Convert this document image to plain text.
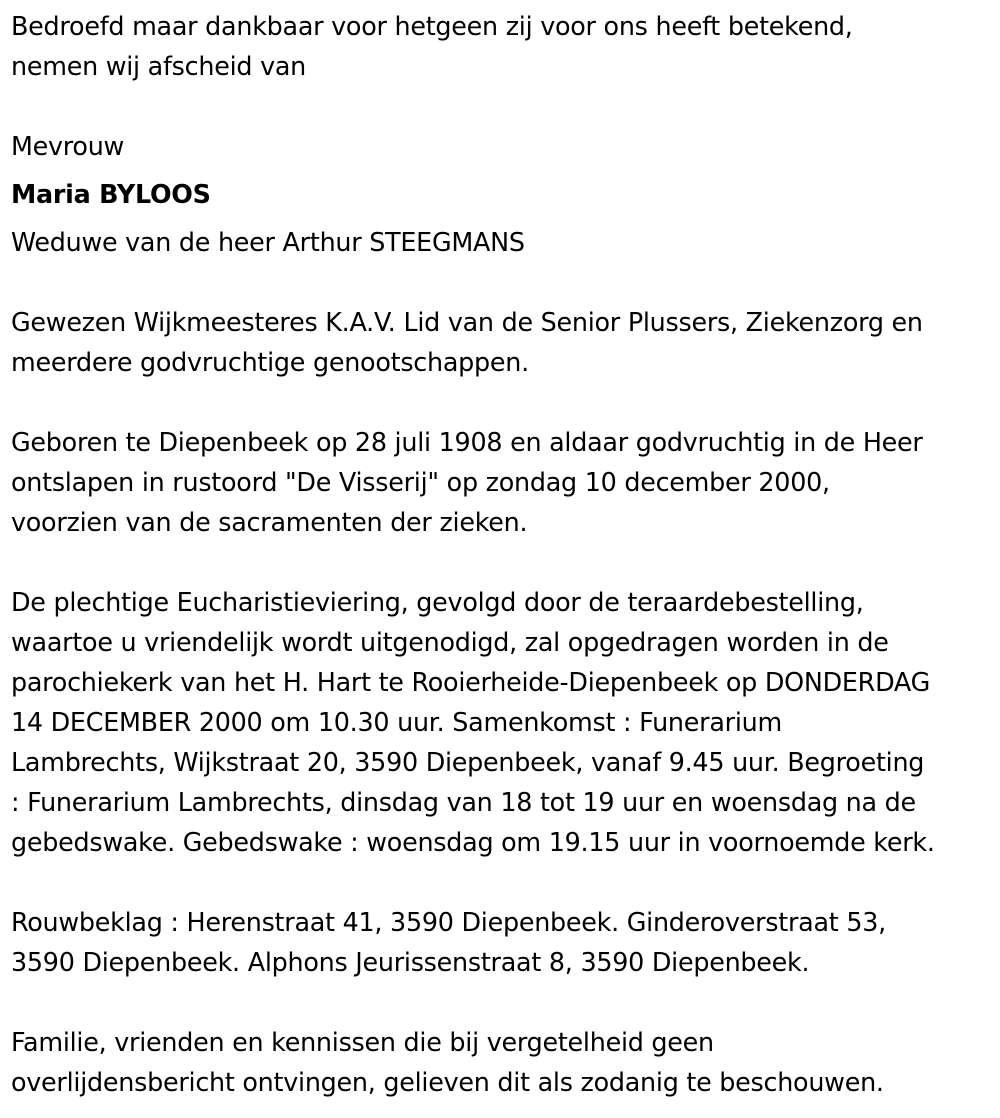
Bedroefd maar dankbaar voor hetgeen zij voor ons heeft betekend,
nemen wij afscheid van

Mevrouw

Maria BYLOOS

Weduwe van de heer Arthur STEEGMANS

Gewezen Wijkmeesteres K.A.V. Lid van de Senior Plussers, Ziekenzorg en
meerdere godvruchtige genootschappen.

Geboren te Diepenbeek op 28 juli 1908 en aldaar godvruchtig in de Heer
ontslapen in rustoord "De Visserij" op zondag 10 december 2000,
voorzien van de sacramenten der zieken.

De plechtige Eucharistieviering, gevolgd door de teraardebestelling,
waartoe u vriendelijk wordt uitgenodigd, zal opgedragen worden in de
parochiekerk van het H. Hart te Rooierheide-Diepenbeek op DONDERDAG
14 DECEMBER 2000 om 10.30 uur. Samenkomst : Funerarium
Lambrechts, Wijkstraat 20, 3590 Diepenbeek, vanaf 9.45 uur. Begroeting
: Funerarium Lambrechts, dinsdag van 18 tot 19 uur en woensdag na de
gebedswake. Gebedswake : woensdag om 19.15 uur in voornoemde kerk.

Rouwbeklag : Herenstraat 41, 3590 Diepenbeek. Ginderoverstraat 53,
3590 Diepenbeek. Alphons Jeurissenstraat 8, 3590 Diepenbeek.

Familie, vrienden en kennissen die bij vergetelheid geen
overlijdensbericht ontvingen, gelieven dit als zodanig te beschouwen.
